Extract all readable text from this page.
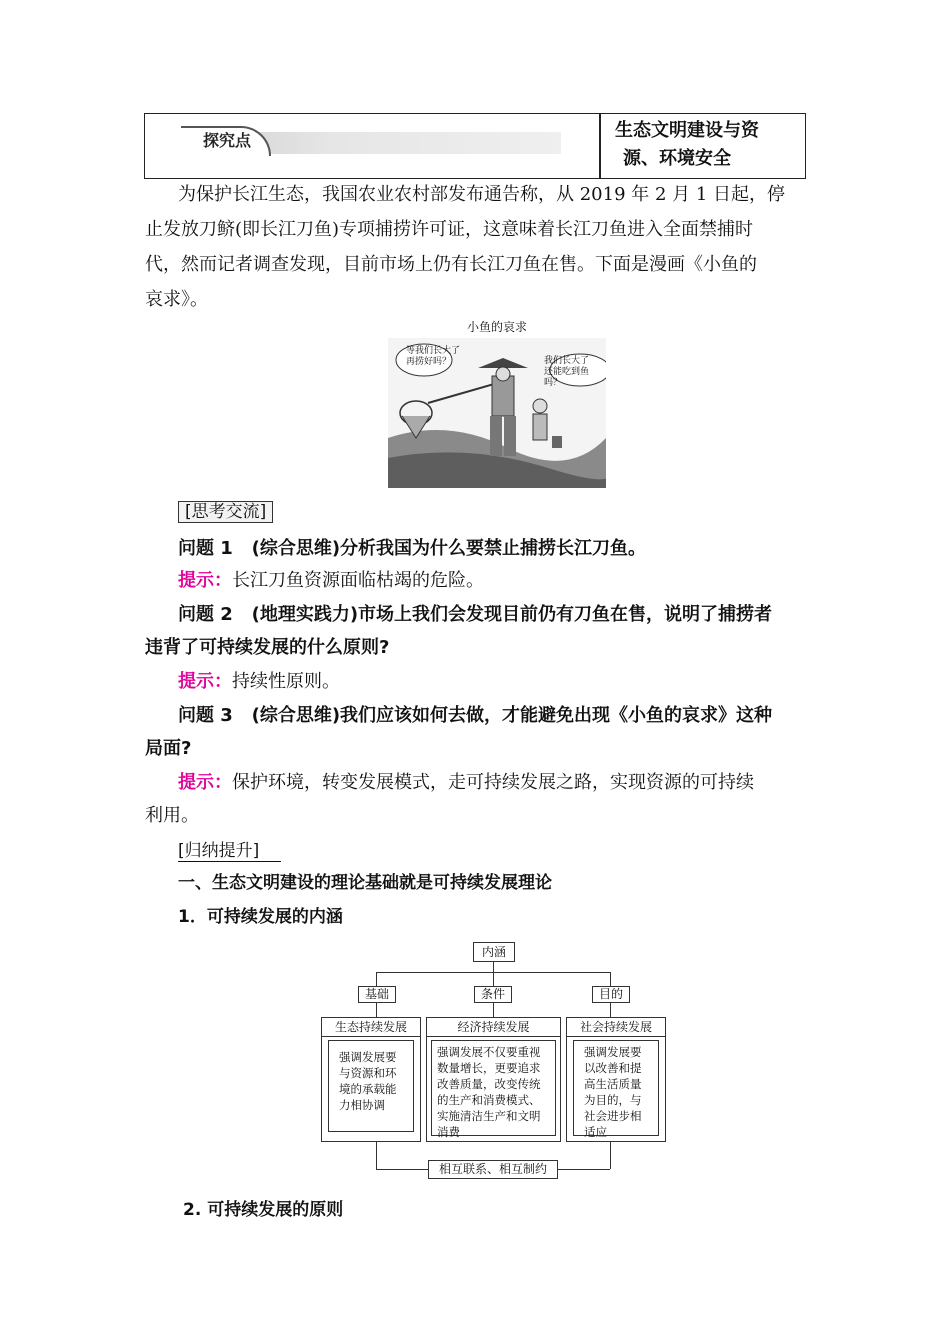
探究点	生态文明建设与资
源、环境安全
为保护长江生态，我国农业农村部发布通告称，从 2019 年 2 月 1 日起，停
止发放刀鲚(即长江刀鱼)专项捕捞许可证，这意味着长江刀鱼进入全面禁捕时
代，然而记者调查发现，目前市场上仍有长江刀鱼在售。下面是漫画《小鱼的
哀求》。
小鱼的哀求
等我们长大了
再捞好吗？	我们长大了
还能吃到鱼吗？
[思考交流]
问题 1 (综合思维)分析我国为什么要禁止捕捞长江刀鱼。
提示：长江刀鱼资源面临枯竭的危险。
问题 2 (地理实践力)市场上我们会发现目前仍有刀鱼在售，说明了捕捞者
违背了可持续发展的什么原则?
提示：持续性原则。
问题 3 (综合思维)我们应该如何去做，才能避免出现《小鱼的哀求》这种
局面?
提示：保护环境，转变发展模式，走可持续发展之路，实现资源的可持续
利用。
[归纳提升]
一、生态文明建设的理论基础就是可持续发展理论
1．可持续发展的内涵
内涵
基础	条件	目的
生态持续发展
强调发展要
与资源和环
境的承载能
力相协调
经济持续发展
强调发展不仅要重视
数量增长，更要追求
改善质量，改变传统
的生产和消费模式、
实施清洁生产和文明
消费
社会持续发展
强调发展要
以改善和提
高生活质量
为目的，与
社会进步相
适应
相互联系、相互制约
2. 可持续发展的原则
